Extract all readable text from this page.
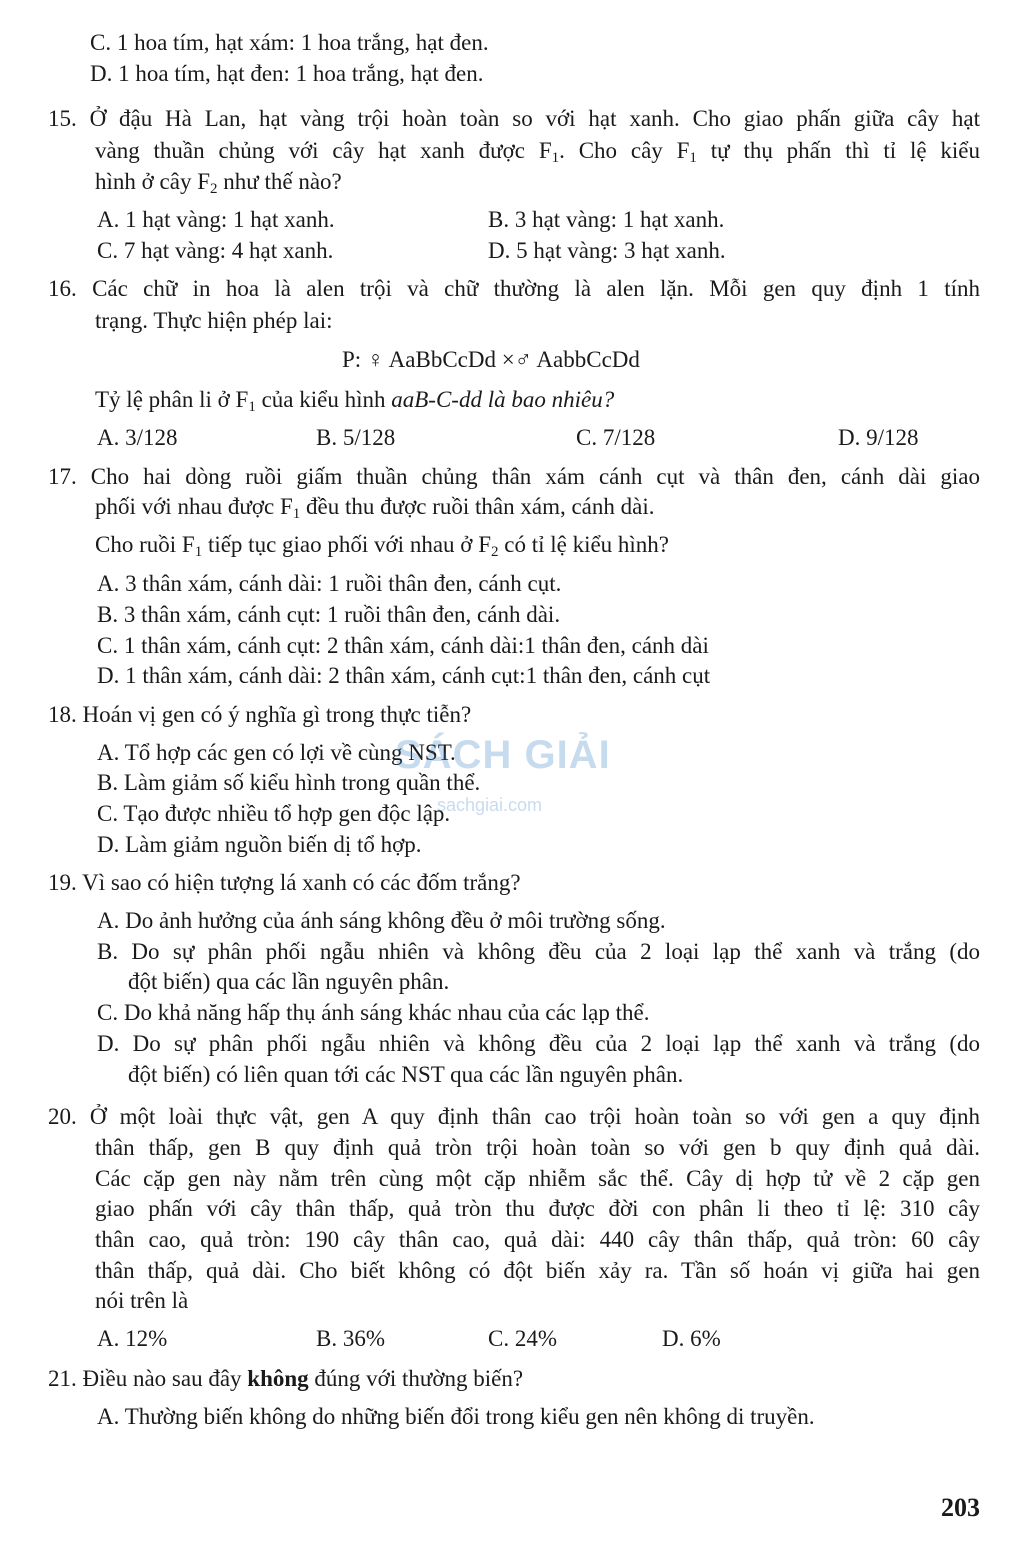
C. 1 hoa tím, hạt xám: 1 hoa trắng, hạt đen.
D. 1 hoa tím, hạt đen: 1 hoa trắng, hạt đen.
15. Ở đậu Hà Lan, hạt vàng trội hoàn toàn so với hạt xanh. Cho giao phấn giữa cây hạt
vàng thuần chủng với cây hạt xanh được $F_1$. Cho cây $F_1$ tự thụ phấn thì tỉ lệ kiểu
hình ở cây $F_2$ như thế nào?
A. 1 hạt vàng: 1 hạt xanh.	B. 3 hạt vàng: 1 hạt xanh.
C. 7 hạt vàng: 4 hạt xanh.	D. 5 hạt vàng: 3 hạt xanh.
16. Các chữ in hoa là alen trội và chữ thường là alen lặn. Mỗi gen quy định 1 tính
trạng. Thực hiện phép lai:
P: ♀ AaBbCcDd ×♂ AabbCcDd
Tỷ lệ phân li ở $F_1$ của kiểu hình aaB-C-dd là bao nhiêu?
A. 3/128	B. 5/128	C. 7/128	D. 9/128
17. Cho hai dòng ruồi giấm thuần chủng thân xám cánh cụt và thân đen, cánh dài giao
phối với nhau được $F_1$ đều thu được ruồi thân xám, cánh dài.
Cho ruồi $F_1$ tiếp tục giao phối với nhau ở $F_2$ có tỉ lệ kiểu hình?
A. 3 thân xám, cánh dài: 1 ruồi thân đen, cánh cụt.
B. 3 thân xám, cánh cụt: 1 ruồi thân đen, cánh dài.
C. 1 thân xám, cánh cụt: 2 thân xám, cánh dài:1 thân đen, cánh dài
D. 1 thân xám, cánh dài: 2 thân xám, cánh cụt:1 thân đen, cánh cụt
18. Hoán vị gen có ý nghĩa gì trong thực tiễn?
A. Tổ hợp các gen có lợi về cùng NST.
B. Làm giảm số kiểu hình trong quần thể.
C. Tạo được nhiều tổ hợp gen độc lập.
D. Làm giảm nguồn biến dị tổ hợp.
SÁCH GIẢI
sachgiai.com
19. Vì sao có hiện tượng lá xanh có các đốm trắng?
A. Do ảnh hưởng của ánh sáng không đều ở môi trường sống.
B. Do sự phân phối ngẫu nhiên và không đều của 2 loại lạp thể xanh và trắng (do
đột biến) qua các lần nguyên phân.
C. Do khả năng hấp thụ ánh sáng khác nhau của các lạp thể.
D. Do sự phân phối ngẫu nhiên và không đều của 2 loại lạp thể xanh và trắng (do
đột biến) có liên quan tới các NST qua các lần nguyên phân.
20. Ở một loài thực vật, gen A quy định thân cao trội hoàn toàn so với gen a quy định
thân thấp, gen B quy định quả tròn trội hoàn toàn so với gen b quy định quả dài.
Các cặp gen này nằm trên cùng một cặp nhiễm sắc thể. Cây dị hợp tử về 2 cặp gen
giao phấn với cây thân thấp, quả tròn thu được đời con phân li theo tỉ lệ: 310 cây
thân cao, quả tròn: 190 cây thân cao, quả dài: 440 cây thân thấp, quả tròn: 60 cây
thân thấp, quả dài. Cho biết không có đột biến xảy ra. Tần số hoán vị giữa hai gen
nói trên là
A. 12%	B. 36%	C. 24%	D. 6%
21. Điều nào sau đây không đúng với thường biến?
A. Thường biến không do những biến đổi trong kiểu gen nên không di truyền.
203
